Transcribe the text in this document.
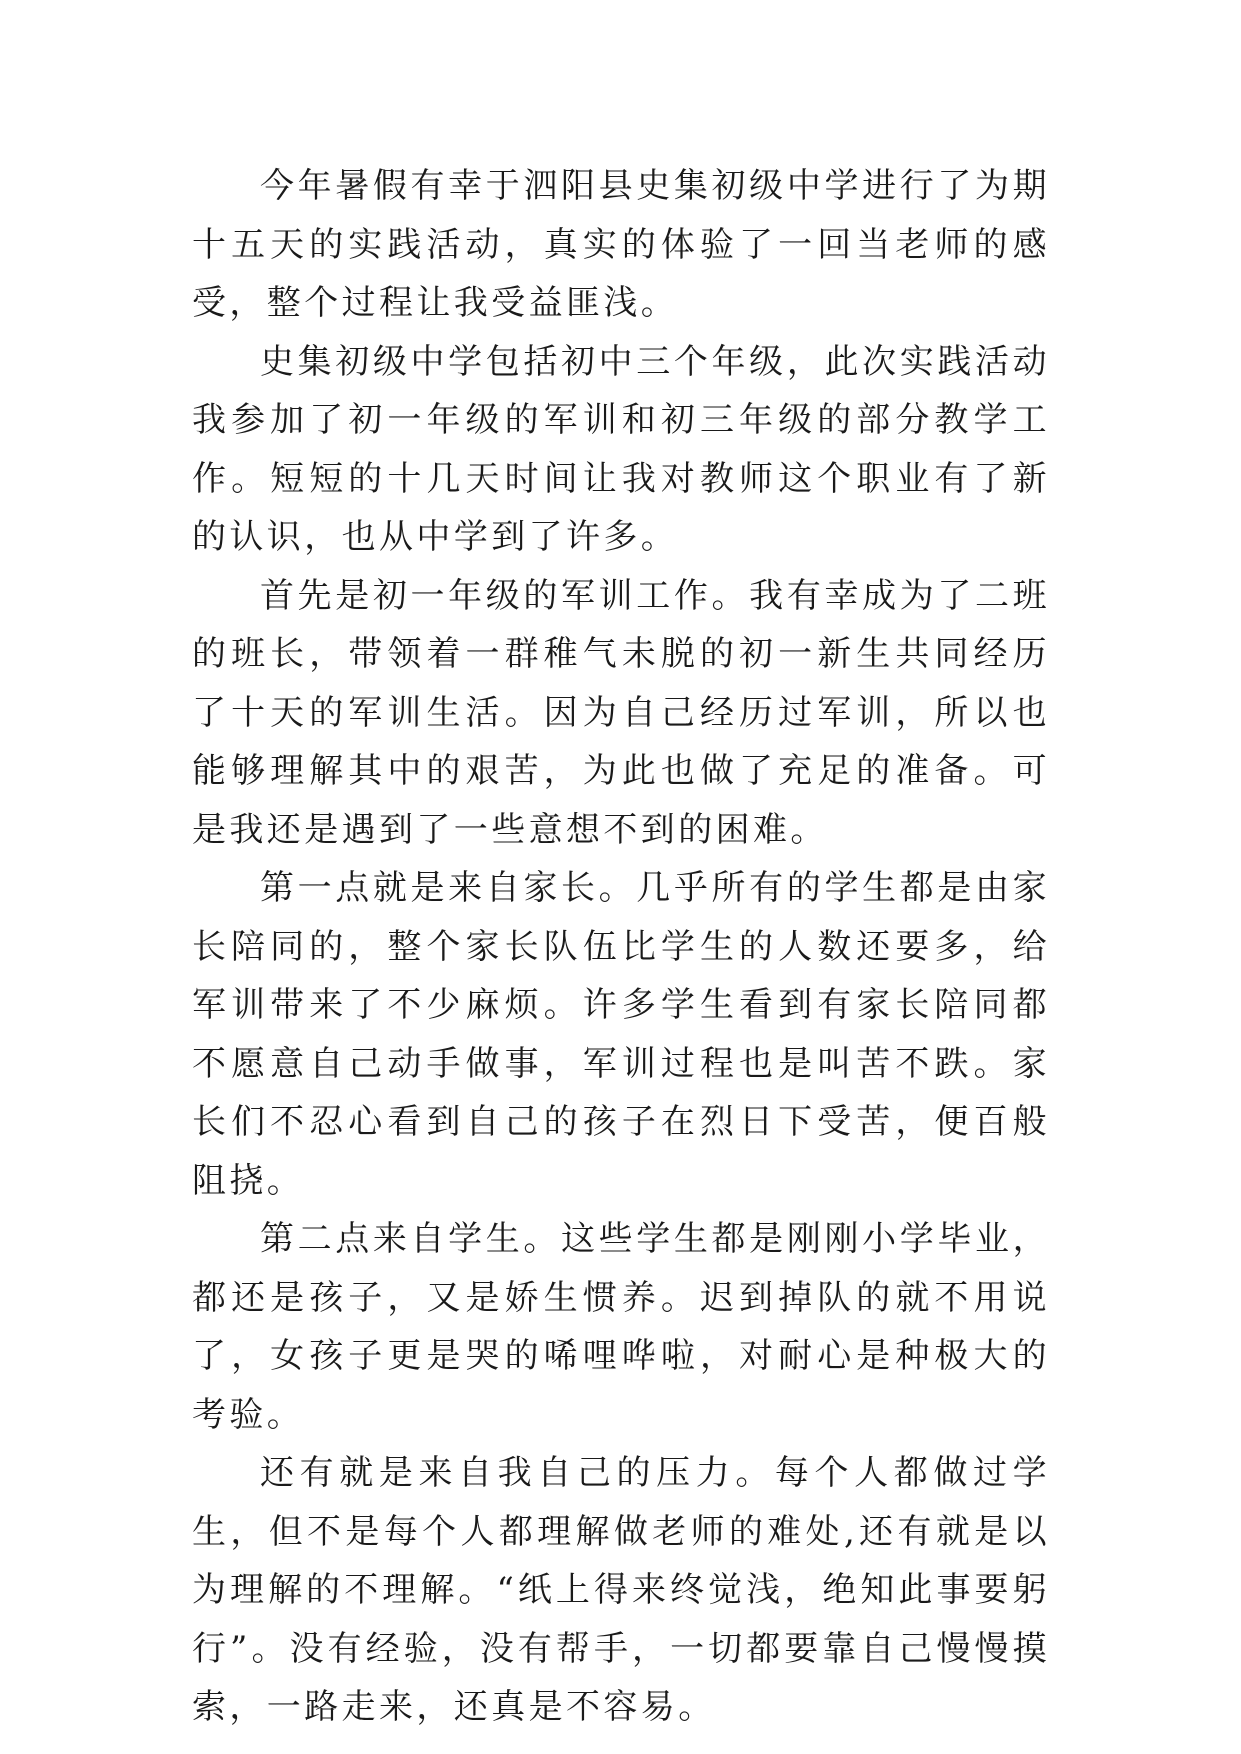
今年暑假有幸于泗阳县史集初级中学进行了为期十五天的实践活动，真实的体验了一回当老师的感受，整个过程让我受益匪浅。

史集初级中学包括初中三个年级，此次实践活动我参加了初一年级的军训和初三年级的部分教学工作。短短的十几天时间让我对教师这个职业有了新的认识，也从中学到了许多。

首先是初一年级的军训工作。我有幸成为了二班的班长，带领着一群稚气未脱的初一新生共同经历了十天的军训生活。因为自己经历过军训，所以也能够理解其中的艰苦，为此也做了充足的准备。可是我还是遇到了一些意想不到的困难。

第一点就是来自家长。几乎所有的学生都是由家长陪同的，整个家长队伍比学生的人数还要多，给军训带来了不少麻烦。许多学生看到有家长陪同都不愿意自己动手做事，军训过程也是叫苦不跌。家长们不忍心看到自己的孩子在烈日下受苦，便百般阻挠。

第二点来自学生。这些学生都是刚刚小学毕业，都还是孩子，又是娇生惯养。迟到掉队的就不用说了，女孩子更是哭的唏哩哗啦，对耐心是种极大的考验。

还有就是来自我自己的压力。每个人都做过学生，但不是每个人都理解做老师的难处,还有就是以为理解的不理解。“纸上得来终觉浅，绝知此事要躬行”。没有经验，没有帮手，一切都要靠自己慢慢摸索，一路走来，还真是不容易。
